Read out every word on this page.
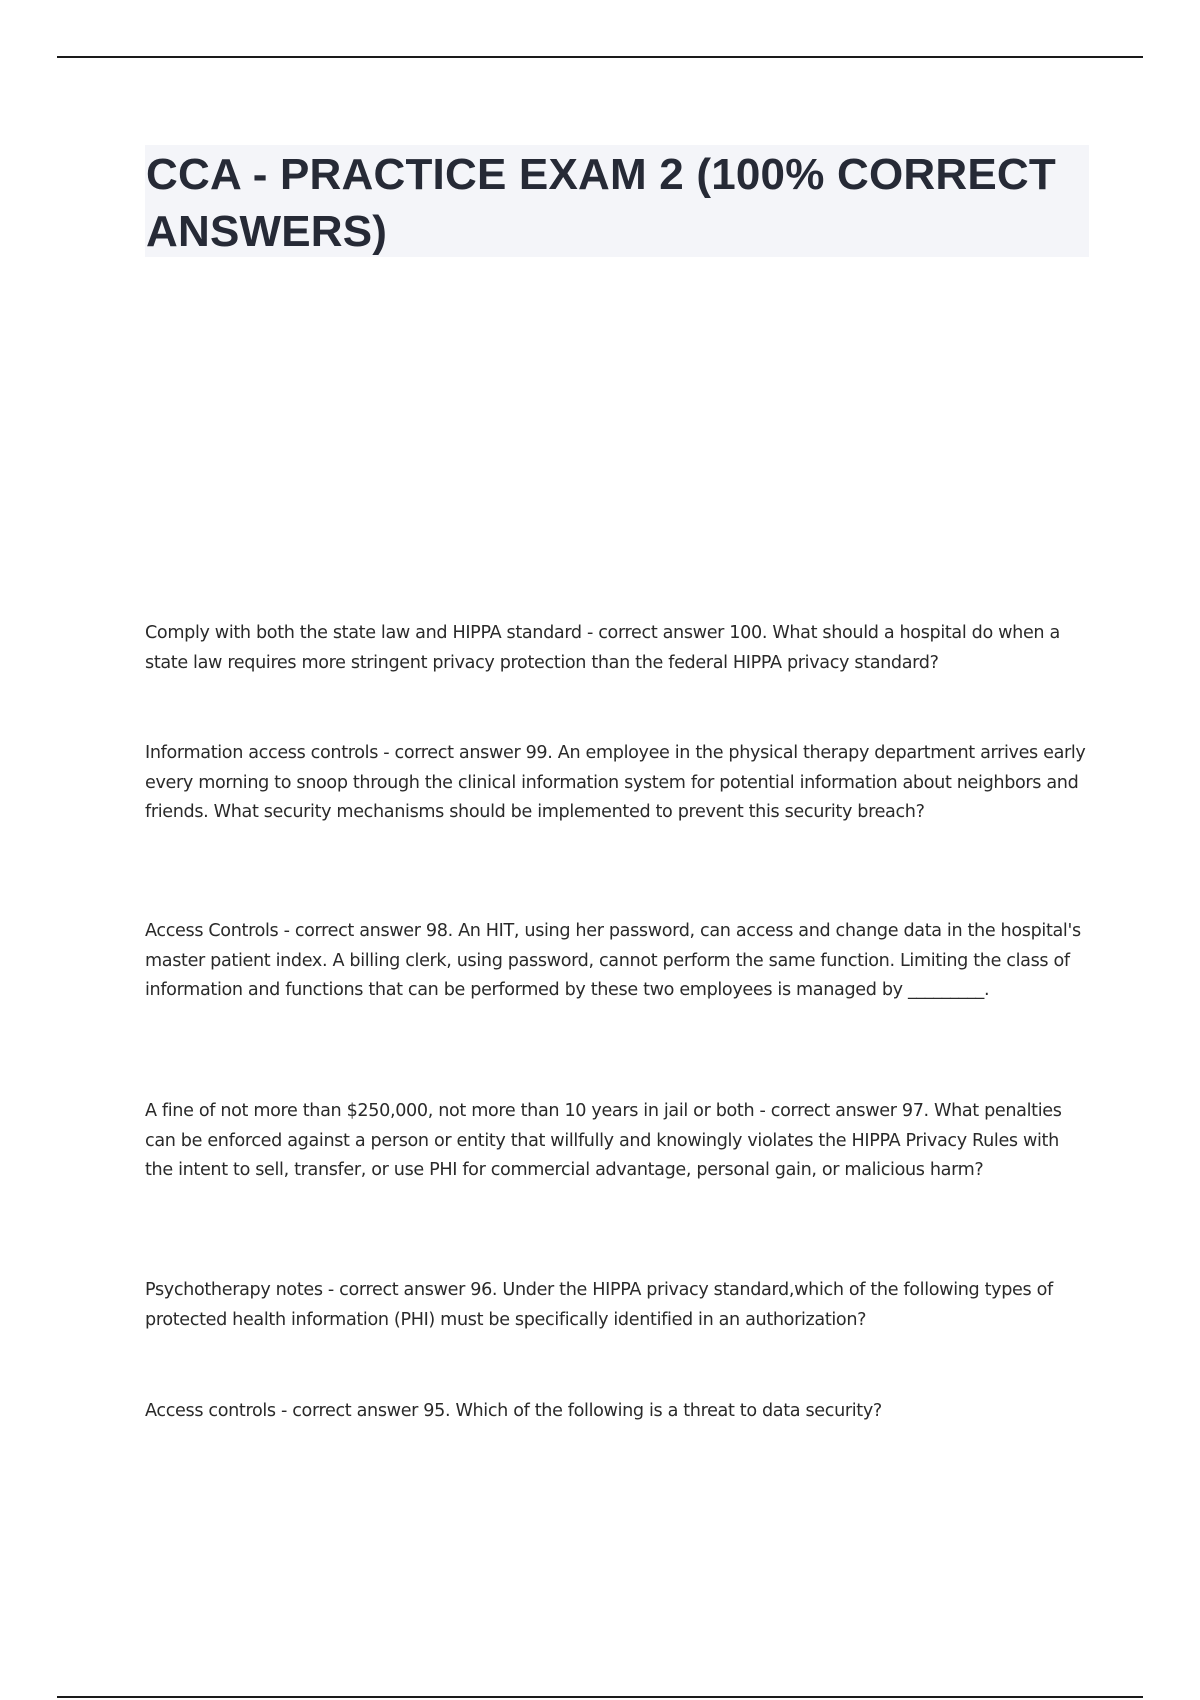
CCA - PRACTICE EXAM 2 (100% CORRECT ANSWERS)

Comply with both the state law and HIPPA standard - correct answer 100. What should a hospital do when a state law requires more stringent privacy protection than the federal HIPPA privacy standard?

Information access controls - correct answer 99. An employee in the physical therapy department arrives early every morning to snoop through the clinical information system for potential information about neighbors and friends. What security mechanisms should be implemented to prevent this security breach?

Access Controls - correct answer 98. An HIT, using her password, can access and change data in the hospital's master patient index. A billing clerk, using password, cannot perform the same function. Limiting the class of information and functions that can be performed by these two employees is managed by _________.

A fine of not more than $250,000, not more than 10 years in jail or both - correct answer 97. What penalties can be enforced against a person or entity that willfully and knowingly violates the HIPPA Privacy Rules with the intent to sell, transfer, or use PHI for commercial advantage, personal gain, or malicious harm?

Psychotherapy notes - correct answer 96. Under the HIPPA privacy standard,which of the following types of protected health information (PHI) must be specifically identified in an authorization?

Access controls - correct answer 95. Which of the following is a threat to data security?
